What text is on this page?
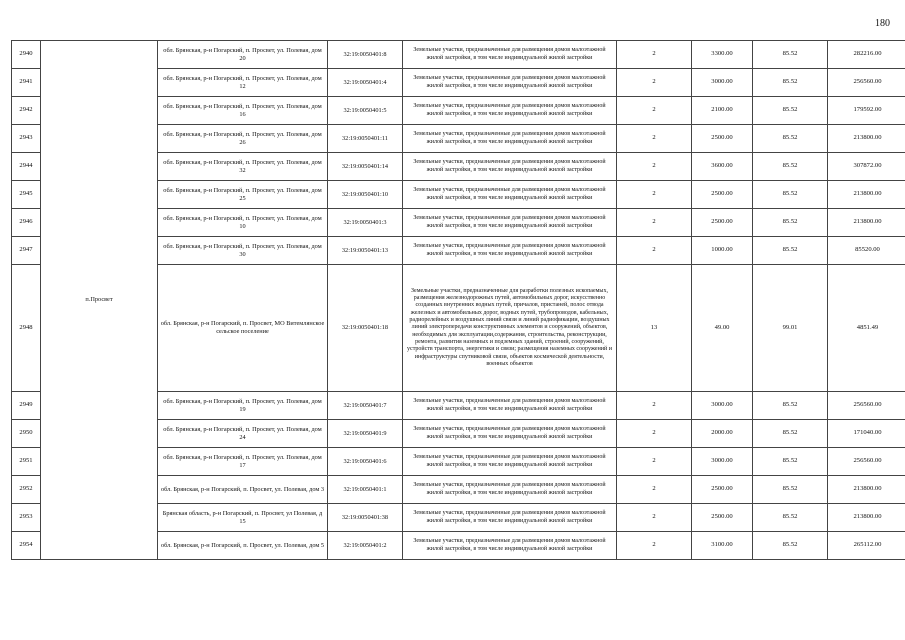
180
2940	п.Просвет	обл. Брянская, р-н Погарский, п. Просвет, ул. Полевая, дом 20	32:19:0050401:8	Земельные участки, предназначенные для размещения домов малоэтажной жилой застройки, в том числе индивидуальной жилой застройки	2	3300.00	85.52	282216.00
2941		обл. Брянская, р-н Погарский, п. Просвет, ул. Полевая, дом 12	32:19:0050401:4	Земельные участки, предназначенные для размещения домов малоэтажной жилой застройки, в том числе индивидуальной жилой застройки	2	3000.00	85.52	256560.00
2942		обл. Брянская, р-н Погарский, п. Просвет, ул. Полевая, дом 16	32:19:0050401:5	Земельные участки, предназначенные для размещения домов малоэтажной жилой застройки, в том числе индивидуальной жилой застройки	2	2100.00	85.52	179592.00
2943		обл. Брянская, р-н Погарский, п. Просвет, ул. Полевая, дом 26	32:19:0050401:11	Земельные участки, предназначенные для размещения домов малоэтажной жилой застройки, в том числе индивидуальной жилой застройки	2	2500.00	85.52	213800.00
2944		обл. Брянская, р-н Погарский, п. Просвет, ул. Полевая, дом 32	32:19:0050401:14	Земельные участки, предназначенные для размещения домов малоэтажной жилой застройки, в том числе индивидуальной жилой застройки	2	3600.00	85.52	307872.00
2945		обл. Брянская, р-н Погарский, п. Просвет, ул. Полевая, дом 25	32:19:0050401:10	Земельные участки, предназначенные для размещения домов малоэтажной жилой застройки, в том числе индивидуальной жилой застройки	2	2500.00	85.52	213800.00
2946		обл. Брянская, р-н Погарский, п. Просвет, ул. Полевая, дом 10	32:19:0050401:3	Земельные участки, предназначенные для размещения домов малоэтажной жилой застройки, в том числе индивидуальной жилой застройки	2	2500.00	85.52	213800.00
2947		обл. Брянская, р-н Погарский, п. Просвет, ул. Полевая, дом 30	32:19:0050401:13	Земельные участки, предназначенные для размещения домов малоэтажной жилой застройки, в том числе индивидуальной жилой застройки	2	1000.00	85.52	85520.00
2948		обл. Брянская, р-н Погарский, п. Просвет, МО Витемлянское сельское поселение	32:19:0050401:18	Земельные участки, предназначенные для разработки полезных ископаемых, размещения железнодорожных путей, автомобильных дорог, искусственно созданных внутренних водных путей, причалов, пристаней, полос отвода железных и автомобильных дорог, водных путей, трубопроводов, кабельных, радиорелейных и воздушных линий связи и линий радиофикации, воздушных линий электропередачи конструктивных элементов и сооружений, объектов, необходимых для эксплуатации,содержания, строительства, реконструкции, ремонта, развития наземных и подземных зданий, строений, сооружений, устройств транспорта, энергетики и связи; размещения наземных сооружений и инфраструктуры спутниковой связи, объектов космической деятельности, военных объектов	13	49.00	99.01	4851.49
2949		обл. Брянская, р-н Погарский, п. Просвет, ул. Полевая, дом 19	32:19:0050401:7	Земельные участки, предназначенные для размещения домов малоэтажной жилой застройки, в том числе индивидуальной жилой застройки	2	3000.00	85.52	256560.00
2950		обл. Брянская, р-н Погарский, п. Просвет, ул. Полевая, дом 24	32:19:0050401:9	Земельные участки, предназначенные для размещения домов малоэтажной жилой застройки, в том числе индивидуальной жилой застройки	2	2000.00	85.52	171040.00
2951		обл. Брянская, р-н Погарский, п. Просвет, ул. Полевая, дом 17	32:19:0050401:6	Земельные участки, предназначенные для размещения домов малоэтажной жилой застройки, в том числе индивидуальной жилой застройки	2	3000.00	85.52	256560.00
2952		обл. Брянская, р-н Погарский, п. Просвет, ул. Полевая, дом 3	32:19:0050401:1	Земельные участки, предназначенные для размещения домов малоэтажной жилой застройки, в том числе индивидуальной жилой застройки	2	2500.00	85.52	213800.00
2953		Брянская область, р-н Погарский, п. Просвет, ул Полевая, д 15	32:19:0050401:38	Земельные участки, предназначенные для размещения домов малоэтажной жилой застройки, в том числе индивидуальной жилой застройки	2	2500.00	85.52	213800.00
2954		обл. Брянская, р-н Погарский, п. Просвет, ул. Полевая, дом 5	32:19:0050401:2	Земельные участки, предназначенные для размещения домов малоэтажной жилой застройки, в том числе индивидуальной жилой застройки	2	3100.00	85.52	265112.00
